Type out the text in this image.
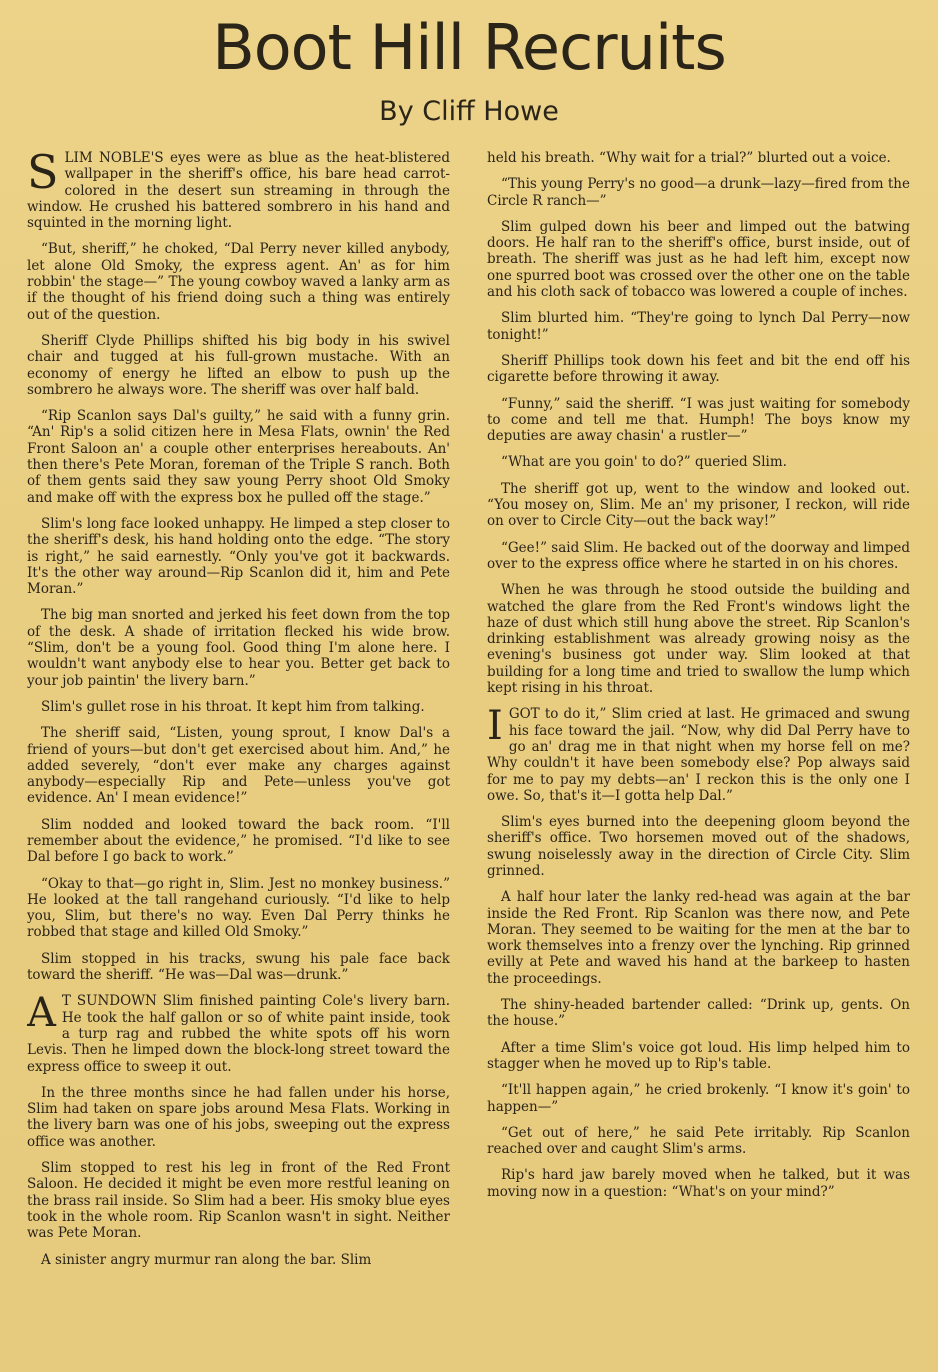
Boot Hill Recruits
By Cliff Howe

SLIM NOBLE'S eyes were as blue as the heat-blistered wallpaper in the sheriff's office, his bare head carrot-colored in the desert sun streaming in through the window. He crushed his battered sombrero in his hand and squinted in the morning light.

“But, sheriff,” he choked, “Dal Perry never killed anybody, let alone Old Smoky, the express agent. An' as for him robbin' the stage—” The young cowboy waved a lanky arm as if the thought of his friend doing such a thing was entirely out of the question.

Sheriff Clyde Phillips shifted his big body in his swivel chair and tugged at his full-grown mustache. With an economy of energy he lifted an elbow to push up the sombrero he always wore. The sheriff was over half bald.

“Rip Scanlon says Dal's guilty,” he said with a funny grin. “An' Rip's a solid citizen here in Mesa Flats, ownin' the Red Front Saloon an' a couple other enterprises hereabouts. An' then there's Pete Moran, foreman of the Triple S ranch. Both of them gents said they saw young Perry shoot Old Smoky and make off with the express box he pulled off the stage.”

Slim's long face looked unhappy. He limped a step closer to the sheriff's desk, his hand holding onto the edge. “The story is right,” he said earnestly. “Only you've got it backwards. It's the other way around—Rip Scanlon did it, him and Pete Moran.”

The big man snorted and jerked his feet down from the top of the desk. A shade of irritation flecked his wide brow. “Slim, don't be a young fool. Good thing I'm alone here. I wouldn't want anybody else to hear you. Better get back to your job paintin' the livery barn.”

Slim's gullet rose in his throat. It kept him from talking.

The sheriff said, “Listen, young sprout, I know Dal's a friend of yours—but don't get exercised about him. And,” he added severely, “don't ever make any charges against anybody—especially Rip and Pete—unless you've got evidence. An' I mean evidence!”

Slim nodded and looked toward the back room. “I'll remember about the evidence,” he promised. “I'd like to see Dal before I go back to work.”

“Okay to that—go right in, Slim. Jest no monkey business.” He looked at the tall rangehand curiously. “I'd like to help you, Slim, but there's no way. Even Dal Perry thinks he robbed that stage and killed Old Smoky.”

Slim stopped in his tracks, swung his pale face back toward the sheriff. “He was—Dal was—drunk.”

A T SUNDOWN Slim finished painting Cole's livery barn. He took the half gallon or so of white paint inside, took a turp rag and rubbed the white spots off his worn Levis. Then he limped down the block-long street toward the express office to sweep it out.

In the three months since he had fallen under his horse, Slim had taken on spare jobs around Mesa Flats. Working in the livery barn was one of his jobs, sweeping out the express office was another.

Slim stopped to rest his leg in front of the Red Front Saloon. He decided it might be even more restful leaning on the brass rail inside. So Slim had a beer. His smoky blue eyes took in the whole room. Rip Scanlon wasn't in sight. Neither was Pete Moran.

A sinister angry murmur ran along the bar. Slim

held his breath. “Why wait for a trial?” blurted out a voice.

“This young Perry's no good—a drunk—lazy—fired from the Circle R ranch—”

Slim gulped down his beer and limped out the batwing doors. He half ran to the sheriff's office, burst inside, out of breath. The sheriff was just as he had left him, except now one spurred boot was crossed over the other one on the table and his cloth sack of tobacco was lowered a couple of inches.

Slim blurted him. “They're going to lynch Dal Perry—now tonight!”

Sheriff Phillips took down his feet and bit the end off his cigarette before throwing it away.

“Funny,” said the sheriff. “I was just waiting for somebody to come and tell me that. Humph! The boys know my deputies are away chasin' a rustler—”

“What are you goin' to do?” queried Slim.

The sheriff got up, went to the window and looked out. “You mosey on, Slim. Me an' my prisoner, I reckon, will ride on over to Circle City—out the back way!”

“Gee!” said Slim. He backed out of the doorway and limped over to the express office where he started in on his chores.

When he was through he stood outside the building and watched the glare from the Red Front's windows light the haze of dust which still hung above the street. Rip Scanlon's drinking establishment was already growing noisy as the evening's business got under way. Slim looked at that building for a long time and tried to swallow the lump which kept rising in his throat.

IGOT to do it,” Slim cried at last. He grimaced and swung his face toward the jail. “Now, why did Dal Perry have to go an' drag me in that night when my horse fell on me? Why couldn't it have been somebody else? Pop always said for me to pay my debts—an' I reckon this is the only one I owe. So, that's it—I gotta help Dal.”

Slim's eyes burned into the deepening gloom beyond the sheriff's office. Two horsemen moved out of the shadows, swung noiselessly away in the direction of Circle City. Slim grinned.

A half hour later the lanky red-head was again at the bar inside the Red Front. Rip Scanlon was there now, and Pete Moran. They seemed to be waiting for the men at the bar to work themselves into a frenzy over the lynching. Rip grinned evilly at Pete and waved his hand at the barkeep to hasten the proceedings.

The shiny-headed bartender called: “Drink up, gents. On the house.”

After a time Slim's voice got loud. His limp helped him to stagger when he moved up to Rip's table.

“It'll happen again,” he cried brokenly. “I know it's goin' to happen—”

“Get out of here,” he said Pete irritably. Rip Scanlon reached over and caught Slim's arms.

Rip's hard jaw barely moved when he talked, but it was moving now in a question: “What's on your mind?”
